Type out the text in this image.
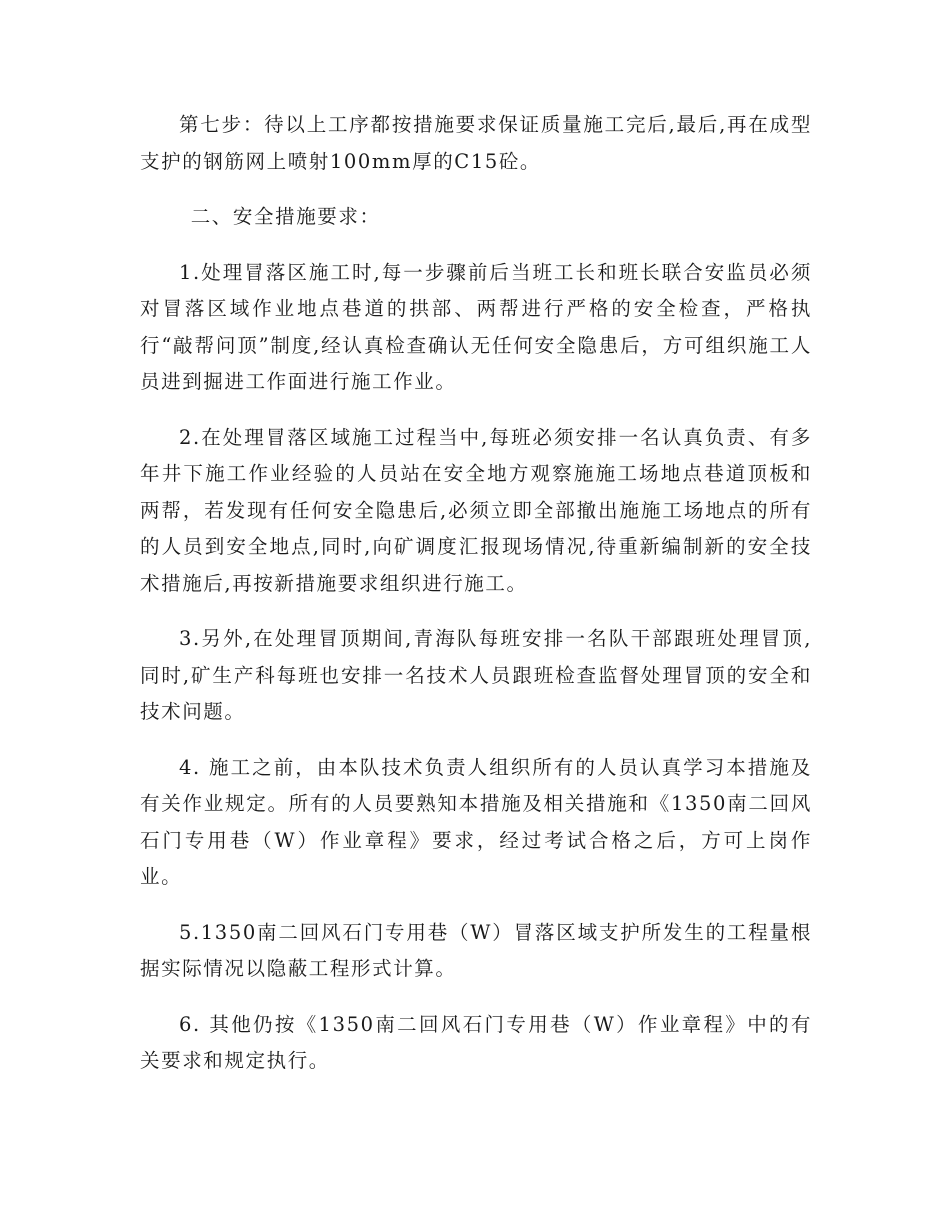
第七步：待以上工序都按措施要求保证质量施工完后,最后,再在成型支护的钢筋网上喷射100mm厚的C15砼。

二、安全措施要求：

1.处理冒落区施工时,每一步骤前后当班工长和班长联合安监员必须对冒落区域作业地点巷道的拱部、两帮进行严格的安全检查，严格执行“敲帮问顶”制度,经认真检查确认无任何安全隐患后，方可组织施工人员进到掘进工作面进行施工作业。

2.在处理冒落区域施工过程当中,每班必须安排一名认真负责、有多年井下施工作业经验的人员站在安全地方观察施施工场地点巷道顶板和两帮，若发现有任何安全隐患后,必须立即全部撤出施施工场地点的所有的人员到安全地点,同时,向矿调度汇报现场情况,待重新编制新的安全技术措施后,再按新措施要求组织进行施工。

3.另外,在处理冒顶期间,青海队每班安排一名队干部跟班处理冒顶,同时,矿生产科每班也安排一名技术人员跟班检查监督处理冒顶的安全和技术问题。

4. 施工之前，由本队技术负责人组织所有的人员认真学习本措施及有关作业规定。所有的人员要熟知本措施及相关措施和《1350南二回风石门专用巷（W）作业章程》要求，经过考试合格之后，方可上岗作业。

5.1350南二回风石门专用巷（W）冒落区域支护所发生的工程量根据实际情况以隐蔽工程形式计算。

6. 其他仍按《1350南二回风石门专用巷（W）作业章程》中的有关要求和规定执行。
